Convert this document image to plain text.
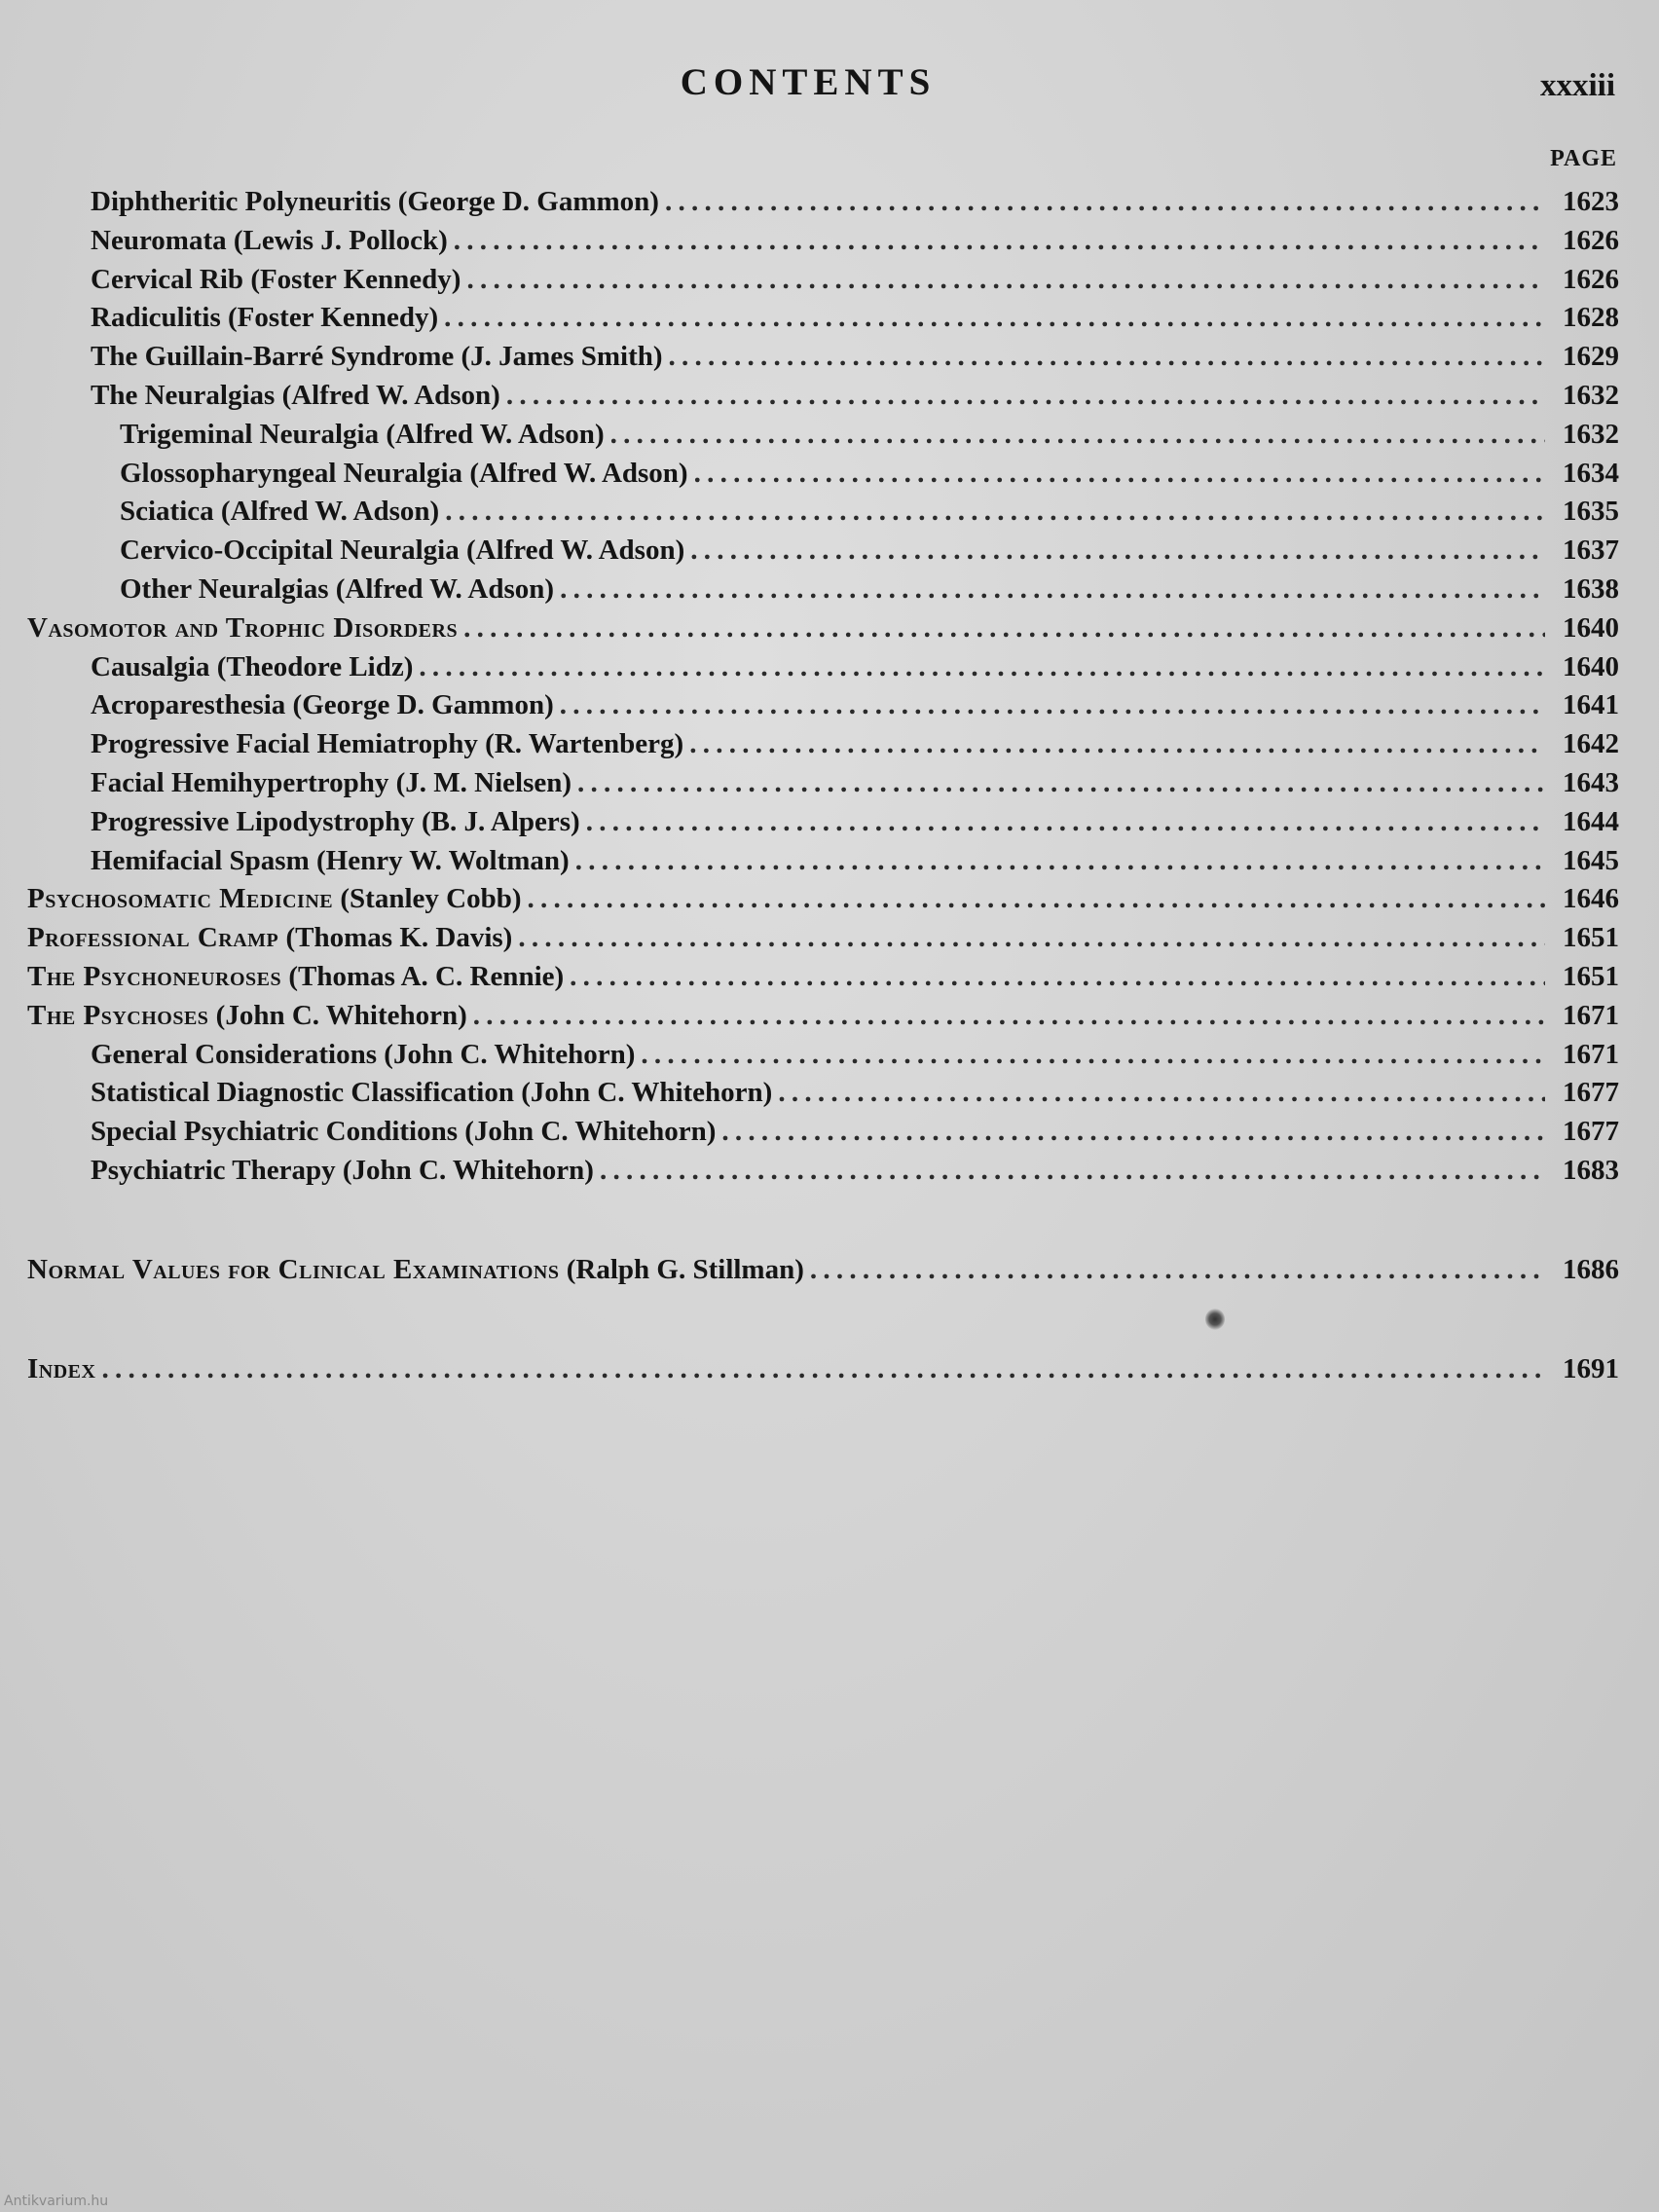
CONTENTS	xxxiii
PAGE
Diphtheritic Polyneuritis (George D. Gammon) . . .	1623
Neuromata (Lewis J. Pollock) . . .	1626
Cervical Rib (Foster Kennedy) . . .	1626
Radiculitis (Foster Kennedy) . . .	1628
The Guillain-Barré Syndrome (J. James Smith) . . .	1629
The Neuralgias (Alfred W. Adson) . . .	1632
Trigeminal Neuralgia (Alfred W. Adson) . . .	1632
Glossopharyngeal Neuralgia (Alfred W. Adson) . . .	1634
Sciatica (Alfred W. Adson) . . .	1635
Cervico-Occipital Neuralgia (Alfred W. Adson) . . .	1637
Other Neuralgias (Alfred W. Adson) . . .	1638
Vasomotor and Trophic Disorders . . .	1640
Causalgia (Theodore Lidz) . . .	1640
Acroparesthesia (George D. Gammon) . . .	1641
Progressive Facial Hemiatrophy (R. Wartenberg) . . .	1642
Facial Hemihypertrophy (J. M. Nielsen) . . .	1643
Progressive Lipodystrophy (B. J. Alpers) . . .	1644
Hemifacial Spasm (Henry W. Woltman) . . .	1645
Psychosomatic Medicine (Stanley Cobb) . . .	1646
Professional Cramp (Thomas K. Davis) . . .	1651
The Psychoneuroses (Thomas A. C. Rennie) . . .	1651
The Psychoses (John C. Whitehorn) . . .	1671
General Considerations (John C. Whitehorn) . . .	1671
Statistical Diagnostic Classification (John C. Whitehorn) . . .	1677
Special Psychiatric Conditions (John C. Whitehorn) . . .	1677
Psychiatric Therapy (John C. Whitehorn) . . .	1683
Normal Values for Clinical Examinations (Ralph G. Stillman) . . .	1686
Index . . .	1691
Antikvarium.hu
